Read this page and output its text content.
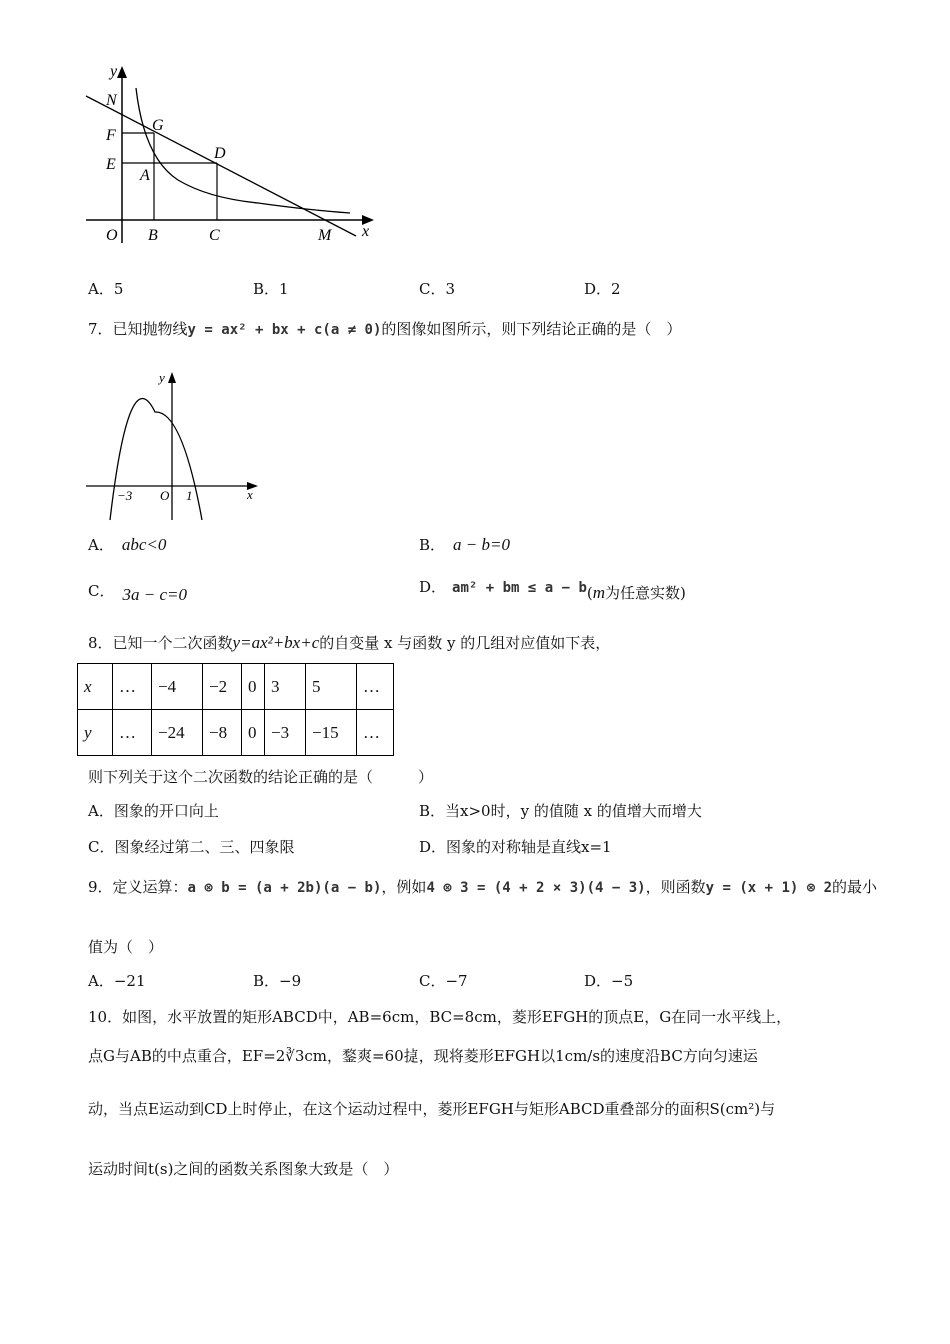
y
N
F
G
E
A
D
O B	C	M x
A．5	B．1	C．3	D．2
7．已知抛物线y = ax² + bx + c(a ≠ 0)的图像如图所示，则下列结论正确的是（　）
y
x
−3 O 1
A． abc<0	B． a − b=0
C． 3a − c=0	D． am² + bm ≤ a − b(m为任意实数)
8．已知一个二次函数y=ax²+bx+c的自变量 x 与函数 y 的几组对应值如下表，
x	…	−4	−2	0	3	5	…
y	…	−24	−8	0	−3	−15	…
则下列关于这个二次函数的结论正确的是（　　　）
A．图象的开口向上	B．当x>0时，y 的值随 x 的值增大而增大
C．图象经过第二、三、四象限	D．图象的对称轴是直线x=1
9．定义运算：a ⊗ b = (a + 2b)(a − b)，例如4 ⊗ 3 = (4 + 2 × 3)(4 − 3)，则函数y = (x + 1) ⊗ 2的最小
值为（　）
A．−21	B．−9	C．−7	D．−5
10．如图，水平放置的矩形ABCD中，AB=6cm，BC=8cm，菱形EFGH的顶点E，G在同一水平线上，
点G与AB的中点重合，EF=2∛3cm，鍪爽=60㨗，现将菱形EFGH以1cm/s的速度沿BC方向匀速运
动，当点E运动到CD上时停止，在这个运动过程中，菱形EFGH与矩形ABCD重叠部分的面积S(cm²)与
运动时间t(s)之间的函数关系图象大致是（　）
